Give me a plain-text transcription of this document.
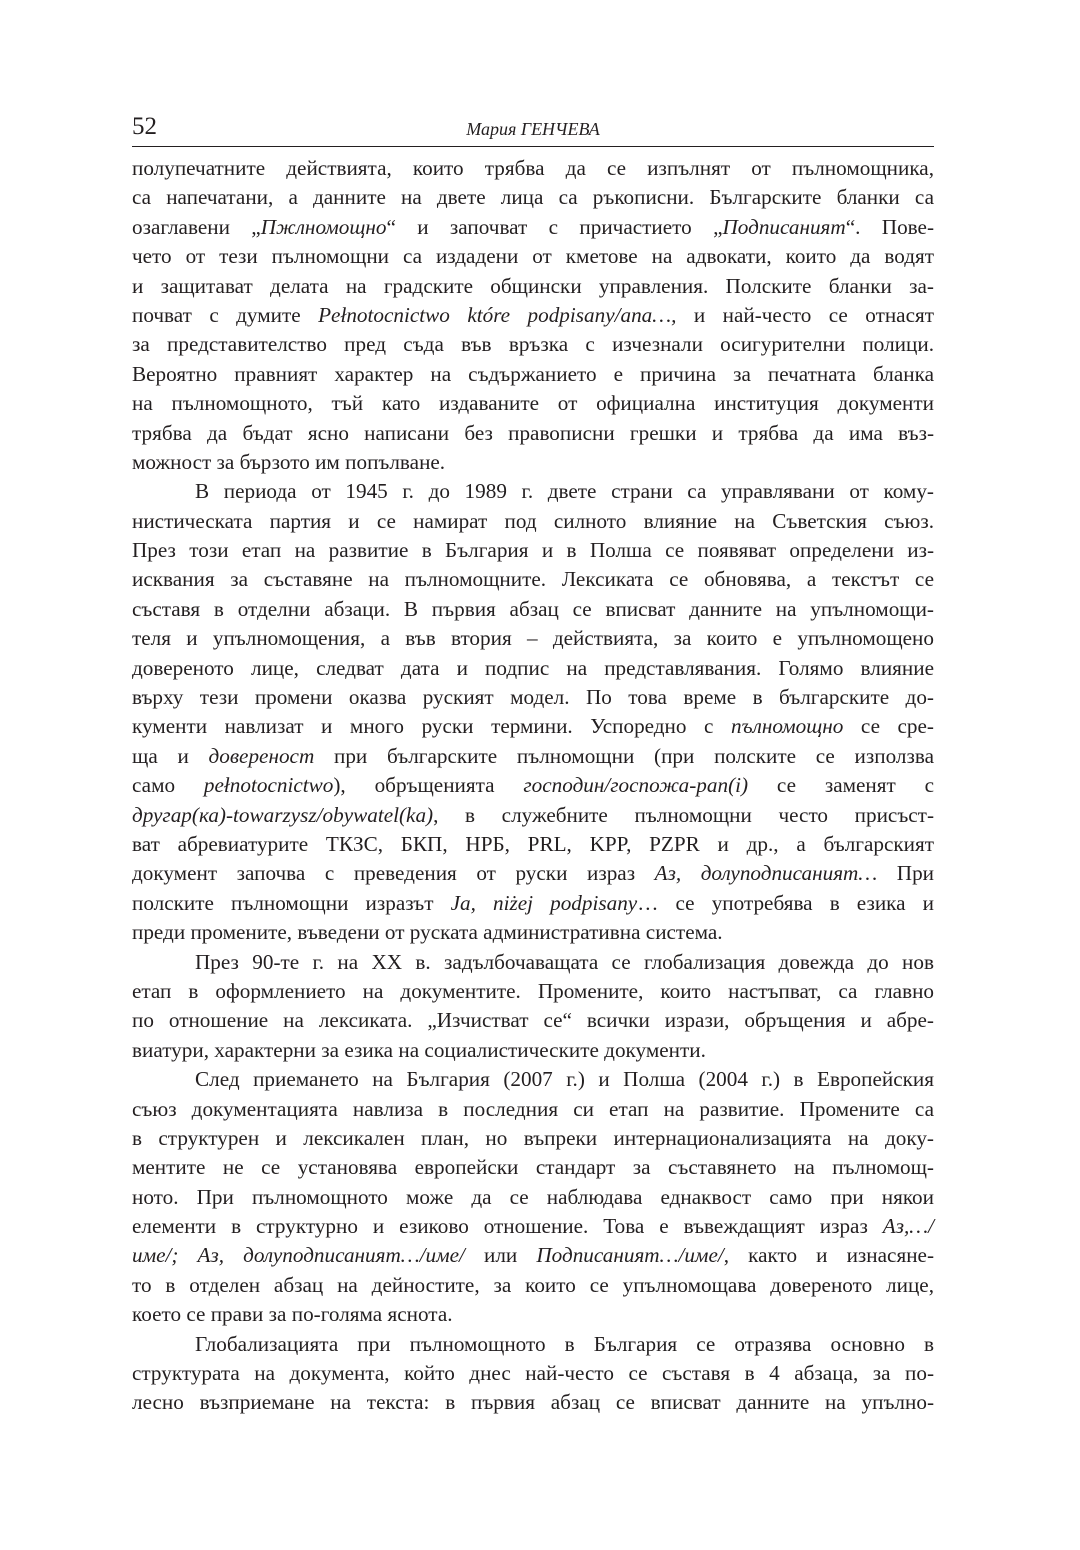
52	Мария ГЕНЧЕВА
полупечатните действията, които трябва да се изпълнят от пълномощника,
са напечатани, а данните на двете лица са ръкописни. Българските бланки са
озаглавени „Пжлномощно“ и започват с причастието „Подписаният“. Пове-
чето от тези пълномощни са издадени от кметове на адвокати, които да водят
и защитават делата на градските общински управления. Полските бланки за-
почват с думите Pełnotocnictwo które podpisany/ana…, и най-често се отнасят
за представителство пред съда във връзка с изчезнали осигурителни полици.
Вероятно правният характер на съдържанието е причина за печатната бланка
на пълномощното, тъй като издаваните от официална институция документи
трябва да бъдат ясно написани без правописни грешки и трябва да има въз-
можност за бързото им попълване.
В периода от 1945 г. до 1989 г. двете страни са управлявани от кому-
нистическата партия и се намират под силното влияние на Съветския съюз.
През този етап на развитие в България и в Полша се появяват определени из-
исквания за съставяне на пълномощните. Лексиката се обновява, а текстът се
съставя в отделни абзаци. В първия абзац се вписват данните на упълномощи-
теля и упълномощения, а във втория – действията, за които е упълномощено
довереното лице, следват дата и подпис на представлявания. Голямо влияние
върху тези промени оказва руският модел. По това време в българските до-
кументи навлизат и много руски термини. Успоредно с пълномощно се сре-
ща и довереност при българските пълномощни (при полските се използва
само pełnotocnictwo), обръщенията господин/госпожа-pan(i) се заменят с
другар(ка)-towarzysz/obywatel(ka), в служебните пълномощни често присъст-
ват абревиатурите ТКЗС, БКП, НРБ, PRL, KPP, PZPR и др., а българският
документ започва с преведения от руски израз Аз, долуподписаният… При
полските пълномощни изразът Ja, niżej podpisany… се употребява в езика и
преди промените, въведени от руската административна система.
През 90-те г. на XX в. задълбочаващата се глобализация довежда до нов
етап в оформлението на документите. Промените, които настъпват, са главно
по отношение на лексиката. „Изчистват се“ всички изрази, обръщения и абре-
виатури, характерни за езика на социалистическите документи.
След приемането на България (2007 г.) и Полша (2004 г.) в Европейския
съюз документацията навлиза в последния си етап на развитие. Промените са
в структурен и лексикален план, но въпреки интернационализацията на доку-
ментите не се установява европейски стандарт за съставянето на пълномощ-
ното. При пълномощното може да се наблюдава еднаквост само при някои
елементи в структурно и езиково отношение. Това е въвеждащият израз Аз,…/
име/; Аз, долуподписаният…/име/ или Подписаният…/име/, както и изнасяне-
то в отделен абзац на дейностите, за които се упълномощава довереното лице,
което се прави за по-голяма яснота.
Глобализацията при пълномощното в България се отразява основно в
структурата на документа, който днес най-често се съставя в 4 абзаца, за по-
лесно възприемане на текста: в първия абзац се вписват данните на упълно-
